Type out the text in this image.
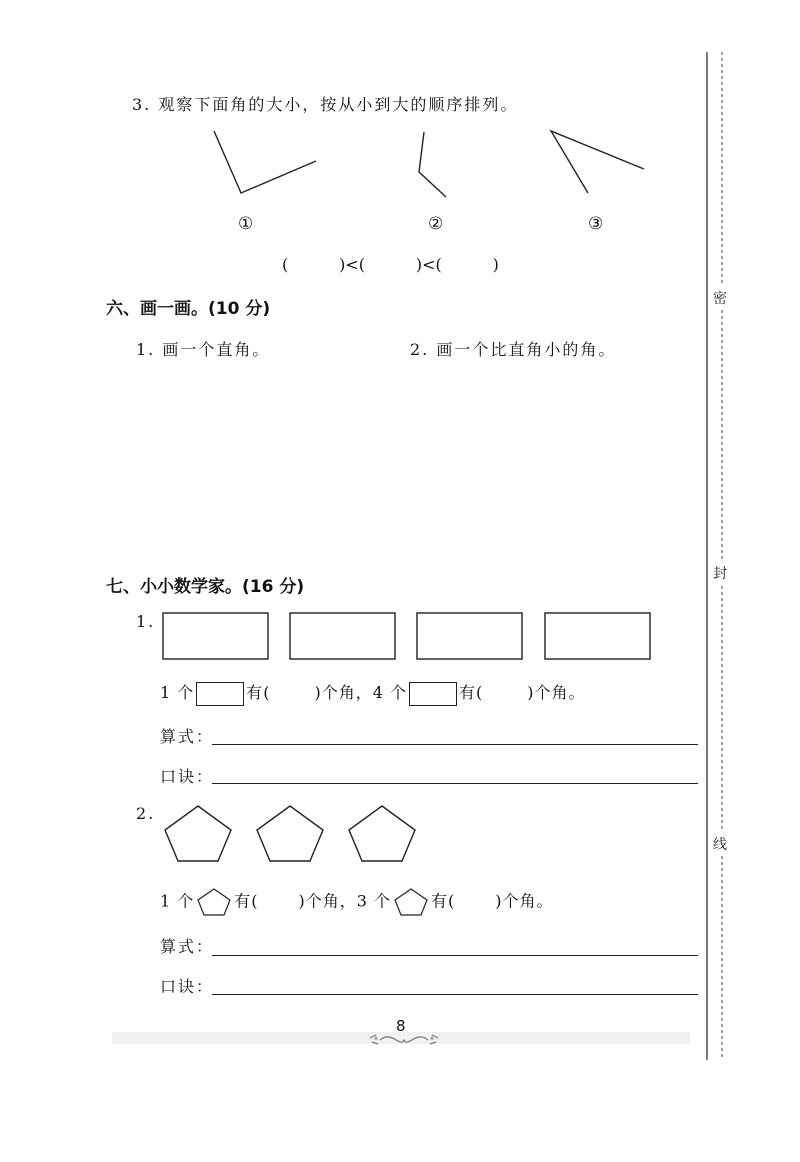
3. 观察下面角的大小，按从小到大的顺序排列。
①	②	③
(          )<(          )<(          )
六、画一画。(10 分)
1. 画一个直角。	2. 画一个比直角小的角。
七、小小数学家。(16 分)
1.
1 个	有(	)个角，4 个	有(	)个角。
算式：
口诀：
2.
1 个	有(	)个角，3 个	有(	)个角。
算式：
口诀：
8
密
封
线
